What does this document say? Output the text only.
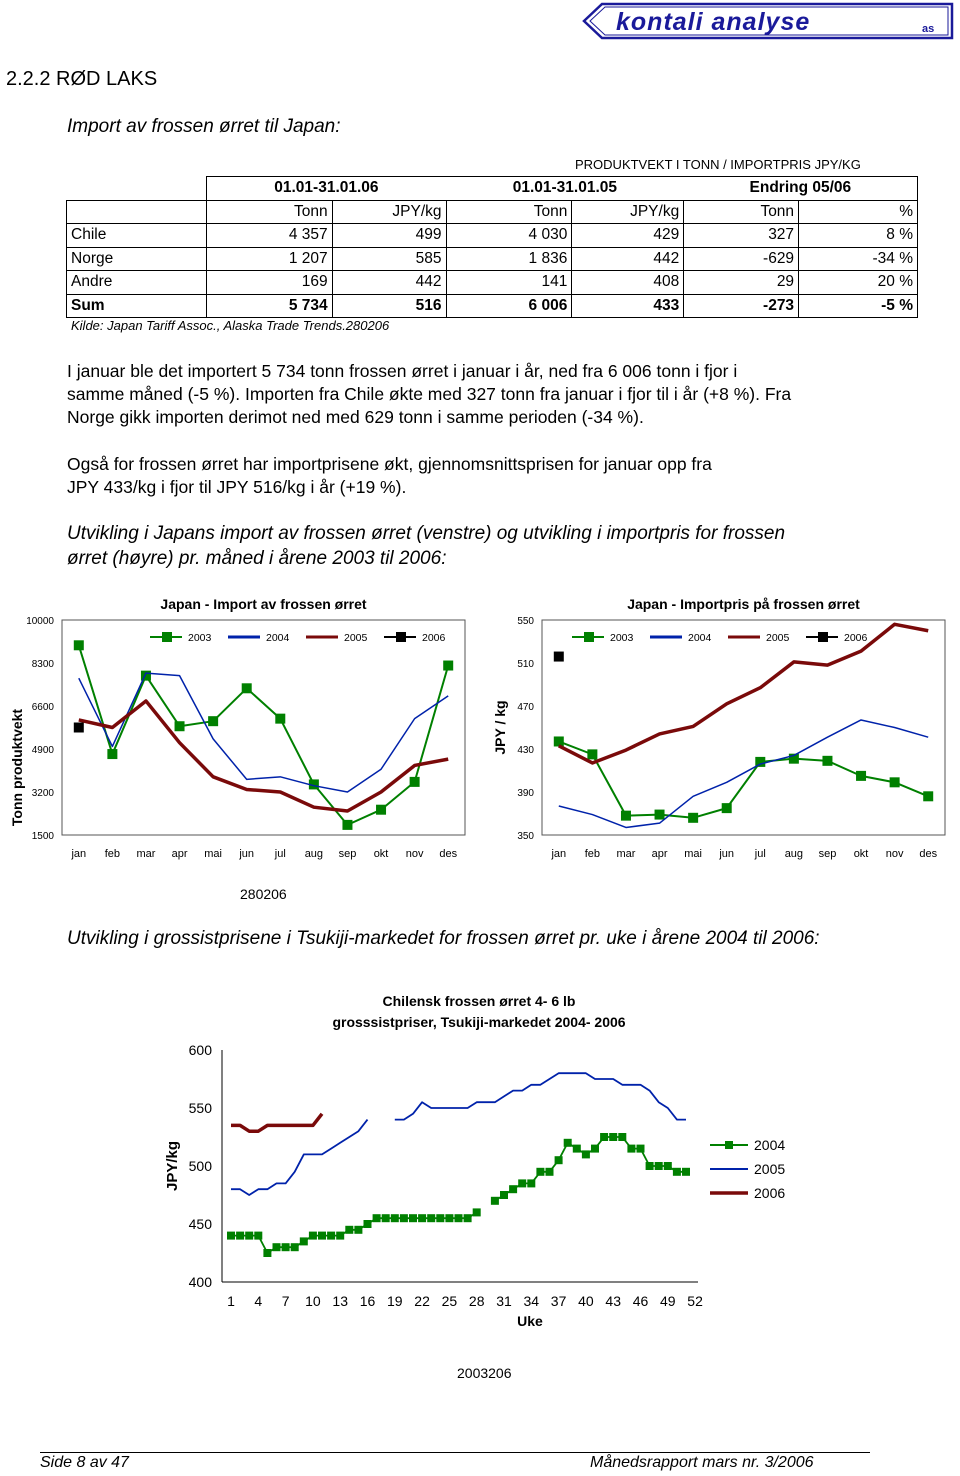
kontali analyse	as
2.2.2 RØD LAKS
Import av frossen ørret til Japan:
PRODUKTVEKT I TONN / IMPORTPRIS JPY/KG
	01.01-31.01.06		01.01-31.01.05		Endring 05/06	
	Tonn	JPY/kg	Tonn	JPY/kg	Tonn	%
Chile	4 357	499	4 030	429	327	8 %
Norge	1 207	585	1 836	442	-629	-34 %
Andre	169	442	141	408	29	20 %
Sum	5 734	516	6 006	433	-273	-5 %
Kilde: Japan Tariff Assoc., Alaska Trade Trends.280206
I januar ble det importert 5 734 tonn frossen ørret i januar i år, ned fra 6 006 tonn i fjor i
samme måned (-5 %). Importen fra Chile økte med 327 tonn fra januar i fjor til i år (+8 %). Fra
Norge gikk importen derimot ned med 629 tonn i samme perioden (-34 %).
Også for frossen ørret har importprisene økt, gjennomsnittsprisen for januar opp fra
JPY 433/kg i fjor til JPY 516/kg i år (+19 %).
Utvikling i Japans import av frossen ørret (venstre) og utvikling i importpris for frossen
ørret (høyre) pr. måned i årene 2003 til 2006:
1500
3200
4900
6600
8300
10000
jan feb mar apr mai jun jul aug sep okt nov des
Japan - Import av frossen ørret
Tonn produktvekt
2003	2004	2005	2006
350
390
430
470
510
550
jan feb mar apr mai jun jul aug sep okt nov des
Japan - Importpris på frossen ørret
JPY / kg
2003	2004	2005	2006
280206
Utvikling i grossistprisene i Tsukiji-markedet for frossen ørret pr. uke i årene 2004 til 2006:
400
450
500
550
600
1 4 7 10 13 16 19 22 25 28 31 34 37 40 43 46 49 52
Uke
JPY/kg
Chilensk frossen ørret 4- 6 lb
grosssistpriser, Tsukiji-markedet 2004- 2006
2004
2005
2006
2003206
Side 8 av 47	Månedsrapport mars nr. 3/2006
